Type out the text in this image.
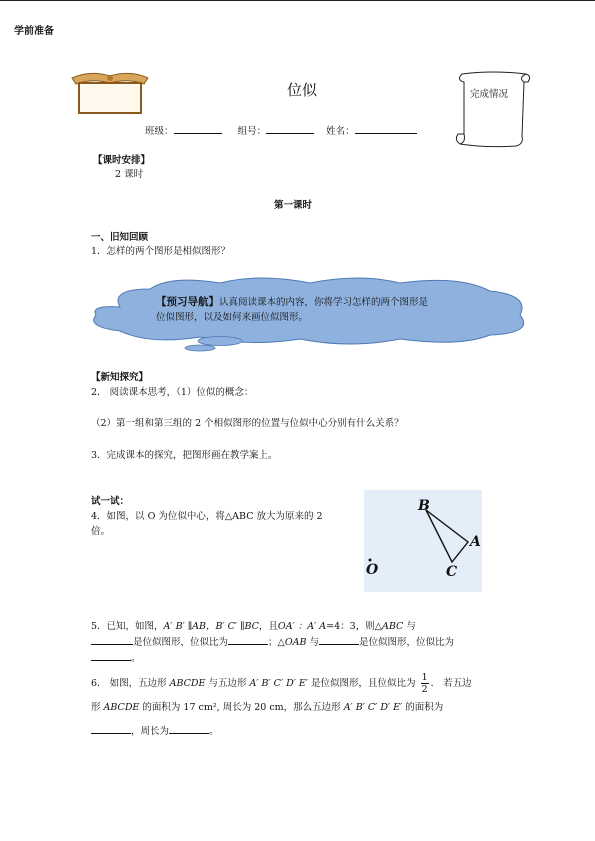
学前准备
位似	完成情况
班级：	组号：	姓名：
【课时安排】
2 课时
第一课时
一、旧知回顾
1．怎样的两个图形是相似图形？
【预习导航】认真阅读课本的内容，你将学习怎样的两个图形是
位似图形，以及如何来画位似图形。
【新知探究】
2． 阅读课本思考，（1）位似的概念：
（2）第一组和第三组的 2 个相似图形的位置与位似中心分别有什么关系？
3．完成课本的探究，把图形画在教学案上。
试一试：
4．如图，以 O 为位似中心，将△ABC 放大为原来的 2
倍。
B
A
C
O
5．已知，如图，A′ B′ ∥AB，B′ C′ ∥BC，且OA′ ：A′ A=4：3，则△ABC 与
是位似图形，位似比为	；△OAB 与	是位似图形，位似比为
。
6． 如图，五边形 ABCDE 与五边形 A′ B′ C′ D′ E′ 是位似图形，且位似比为 $\frac{1}{2}$ ． 若五边
形 ABCDE 的面积为 17 cm², 周长为 20 cm，那么五边形 A′ B′ C′ D′ E′ 的面积为
，周长为	。
